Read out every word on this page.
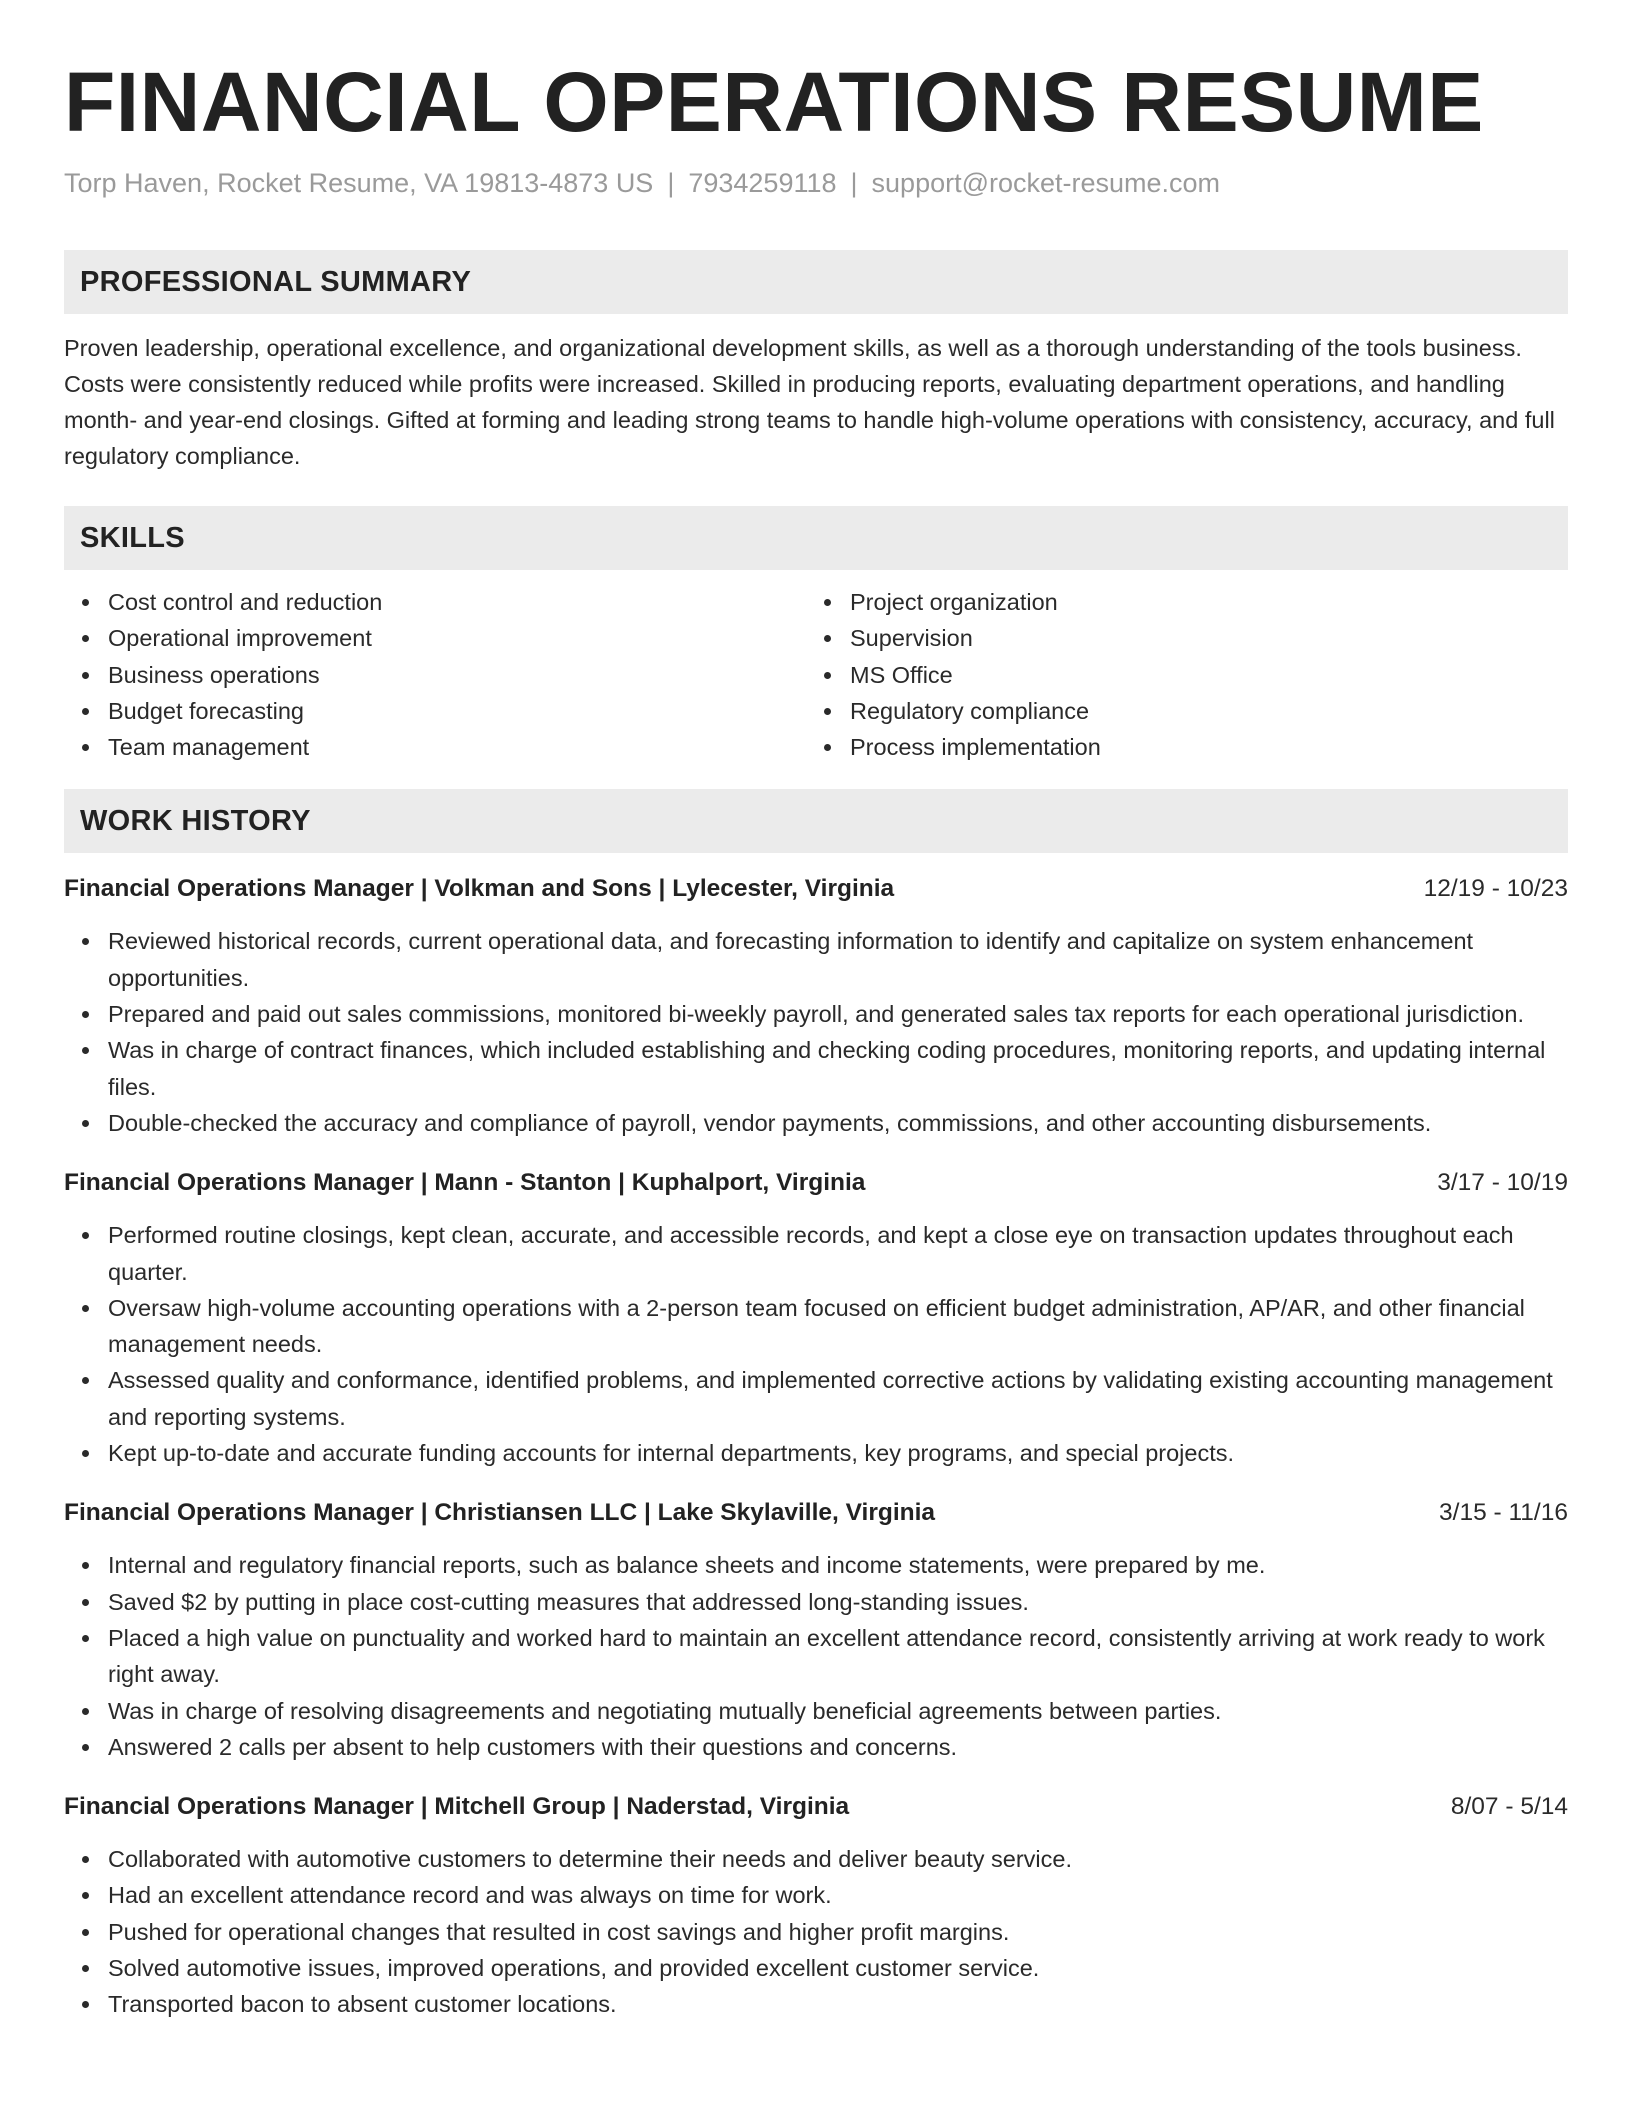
FINANCIAL OPERATIONS RESUME
Torp Haven, Rocket Resume, VA 19813-4873 US | 7934259118 | support@rocket-resume.com
PROFESSIONAL SUMMARY

Proven leadership, operational excellence, and organizational development skills, as well as a thorough understanding of the tools business. Costs were consistently reduced while profits were increased. Skilled in producing reports, evaluating department operations, and handling month- and year-end closings. Gifted at forming and leading strong teams to handle high-volume operations with consistency, accuracy, and full regulatory compliance.

SKILLS
Cost control and reduction
Operational improvement
Business operations
Budget forecasting
Team management
Project organization
Supervision
MS Office
Regulatory compliance
Process implementation
WORK HISTORY
Financial Operations Manager | Volkman and Sons | Lylecester, Virginia	12/19 - 10/23
Reviewed historical records, current operational data, and forecasting information to identify and capitalize on system enhancement opportunities.
Prepared and paid out sales commissions, monitored bi-weekly payroll, and generated sales tax reports for each operational jurisdiction.
Was in charge of contract finances, which included establishing and checking coding procedures, monitoring reports, and updating internal files.
Double-checked the accuracy and compliance of payroll, vendor payments, commissions, and other accounting disbursements.
Financial Operations Manager | Mann - Stanton | Kuphalport, Virginia	3/17 - 10/19
Performed routine closings, kept clean, accurate, and accessible records, and kept a close eye on transaction updates throughout each quarter.
Oversaw high-volume accounting operations with a 2-person team focused on efficient budget administration, AP/AR, and other financial management needs.
Assessed quality and conformance, identified problems, and implemented corrective actions by validating existing accounting management and reporting systems.
Kept up-to-date and accurate funding accounts for internal departments, key programs, and special projects.
Financial Operations Manager | Christiansen LLC | Lake Skylaville, Virginia	3/15 - 11/16
Internal and regulatory financial reports, such as balance sheets and income statements, were prepared by me.
Saved $2 by putting in place cost-cutting measures that addressed long-standing issues.
Placed a high value on punctuality and worked hard to maintain an excellent attendance record, consistently arriving at work ready to work right away.
Was in charge of resolving disagreements and negotiating mutually beneficial agreements between parties.
Answered 2 calls per absent to help customers with their questions and concerns.
Financial Operations Manager | Mitchell Group | Naderstad, Virginia	8/07 - 5/14
Collaborated with automotive customers to determine their needs and deliver beauty service.
Had an excellent attendance record and was always on time for work.
Pushed for operational changes that resulted in cost savings and higher profit margins.
Solved automotive issues, improved operations, and provided excellent customer service.
Transported bacon to absent customer locations.
